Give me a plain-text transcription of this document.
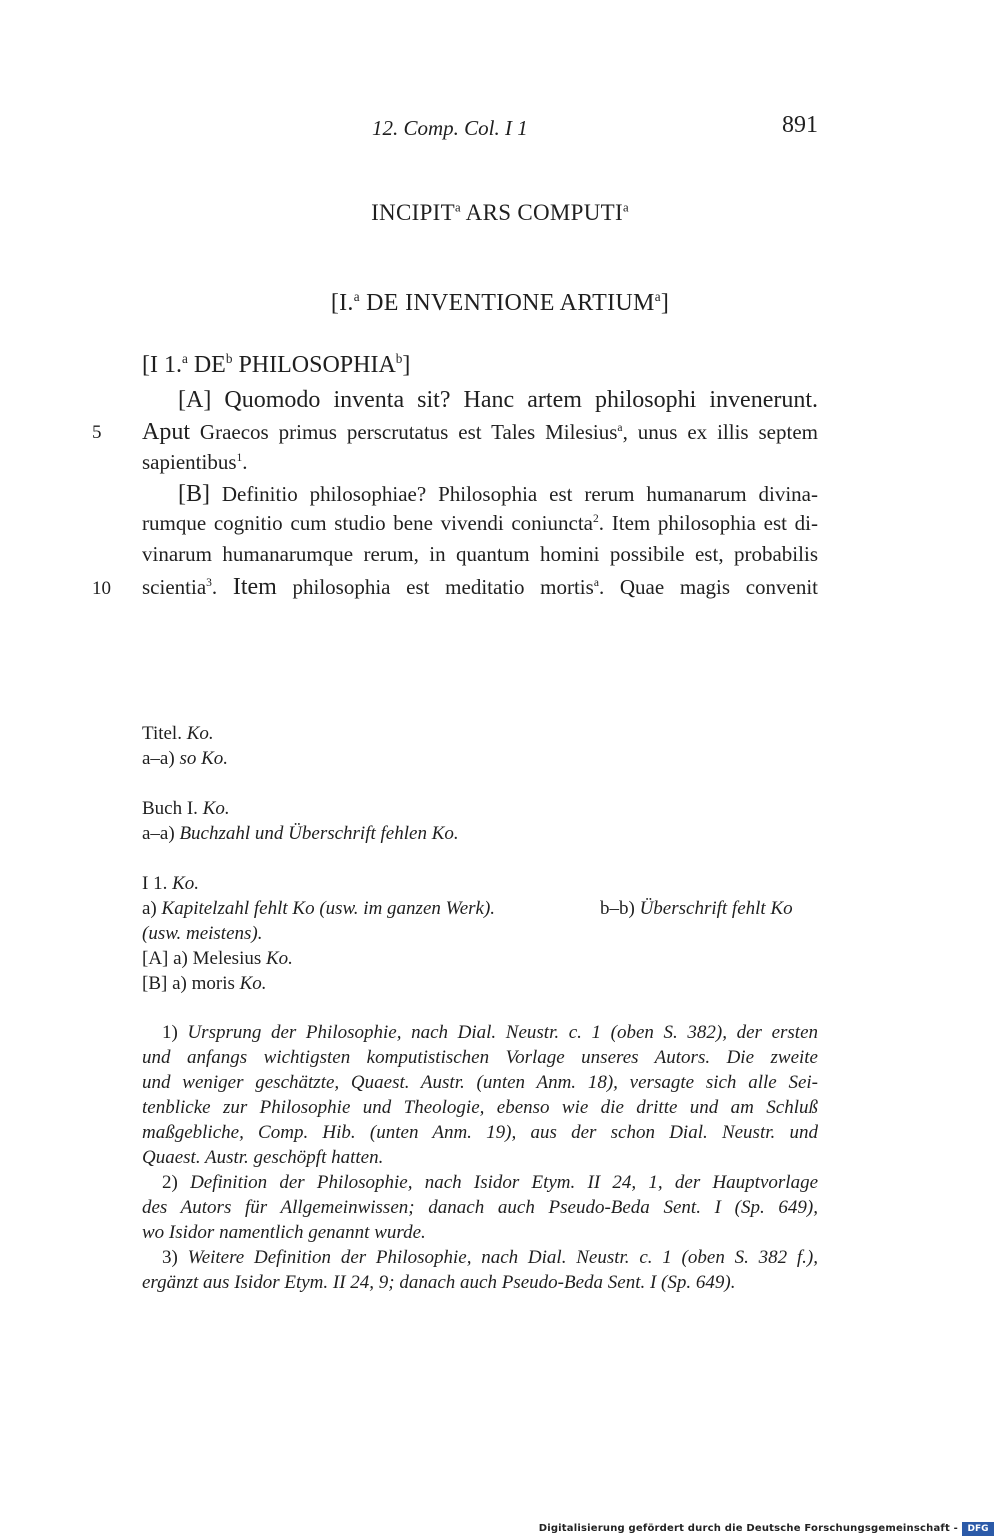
12. Comp. Col. I 1	891
INCIPIT$^a$ ARS COMPUTI$^a$
[I.$^a$ DE INVENTIONE ARTIUM$^a$]
[I 1.$^a$ $DE^b$ PHILOSOPHIA$^b$]
[A] Quomodo inventa sit? Hanc artem philosophi invenerunt.
5 Aput Graecos primus perscrutatus est Tales Milesius$^a$, unus ex illis septem
sapientibus$^1$.
[B] Definitio philosophiae? Philosophia est rerum humanarum divina-
rumque cognitio cum studio bene vivendi coniuncta$^2$. Item philosophia est di-
vinarum humanarumque rerum, in quantum homini possibile est, probabilis
10 scientia$^3$. Item philosophia est meditatio mortis$^a$. Quae magis convenit
Titel. Ko.
a–a) so Ko.
Buch I. Ko.
a–a) Buchzahl und Überschrift fehlen Ko.
I 1. Ko.
a) Kapitelzahl fehlt Ko (usw. im ganzen Werk).	b–b) Überschrift fehlt Ko
(usw. meistens).
[A] a) Melesius Ko.
[B] a) moris Ko.
1) Ursprung der Philosophie, nach Dial. Neustr. c. 1 (oben S. 382), der ersten
und anfangs wichtigsten komputistischen Vorlage unseres Autors. Die zweite
und weniger geschätzte, Quaest. Austr. (unten Anm. 18), versagte sich alle Sei-
tenblicke zur Philosophie und Theologie, ebenso wie die dritte und am Schluß
maßgebliche, Comp. Hib. (unten Anm. 19), aus der schon Dial. Neustr. und
Quaest. Austr. geschöpft hatten.
2) Definition der Philosophie, nach Isidor Etym. II 24, 1, der Hauptvorlage
des Autors für Allgemeinwissen; danach auch Pseudo-Beda Sent. I (Sp. 649),
wo Isidor namentlich genannt wurde.
3) Weitere Definition der Philosophie, nach Dial. Neustr. c. 1 (oben S. 382 f.),
ergänzt aus Isidor Etym. II 24, 9; danach auch Pseudo-Beda Sent. I (Sp. 649).
Digitalisierung gefördert durch die Deutsche Forschungsgemeinschaft -	DFG
